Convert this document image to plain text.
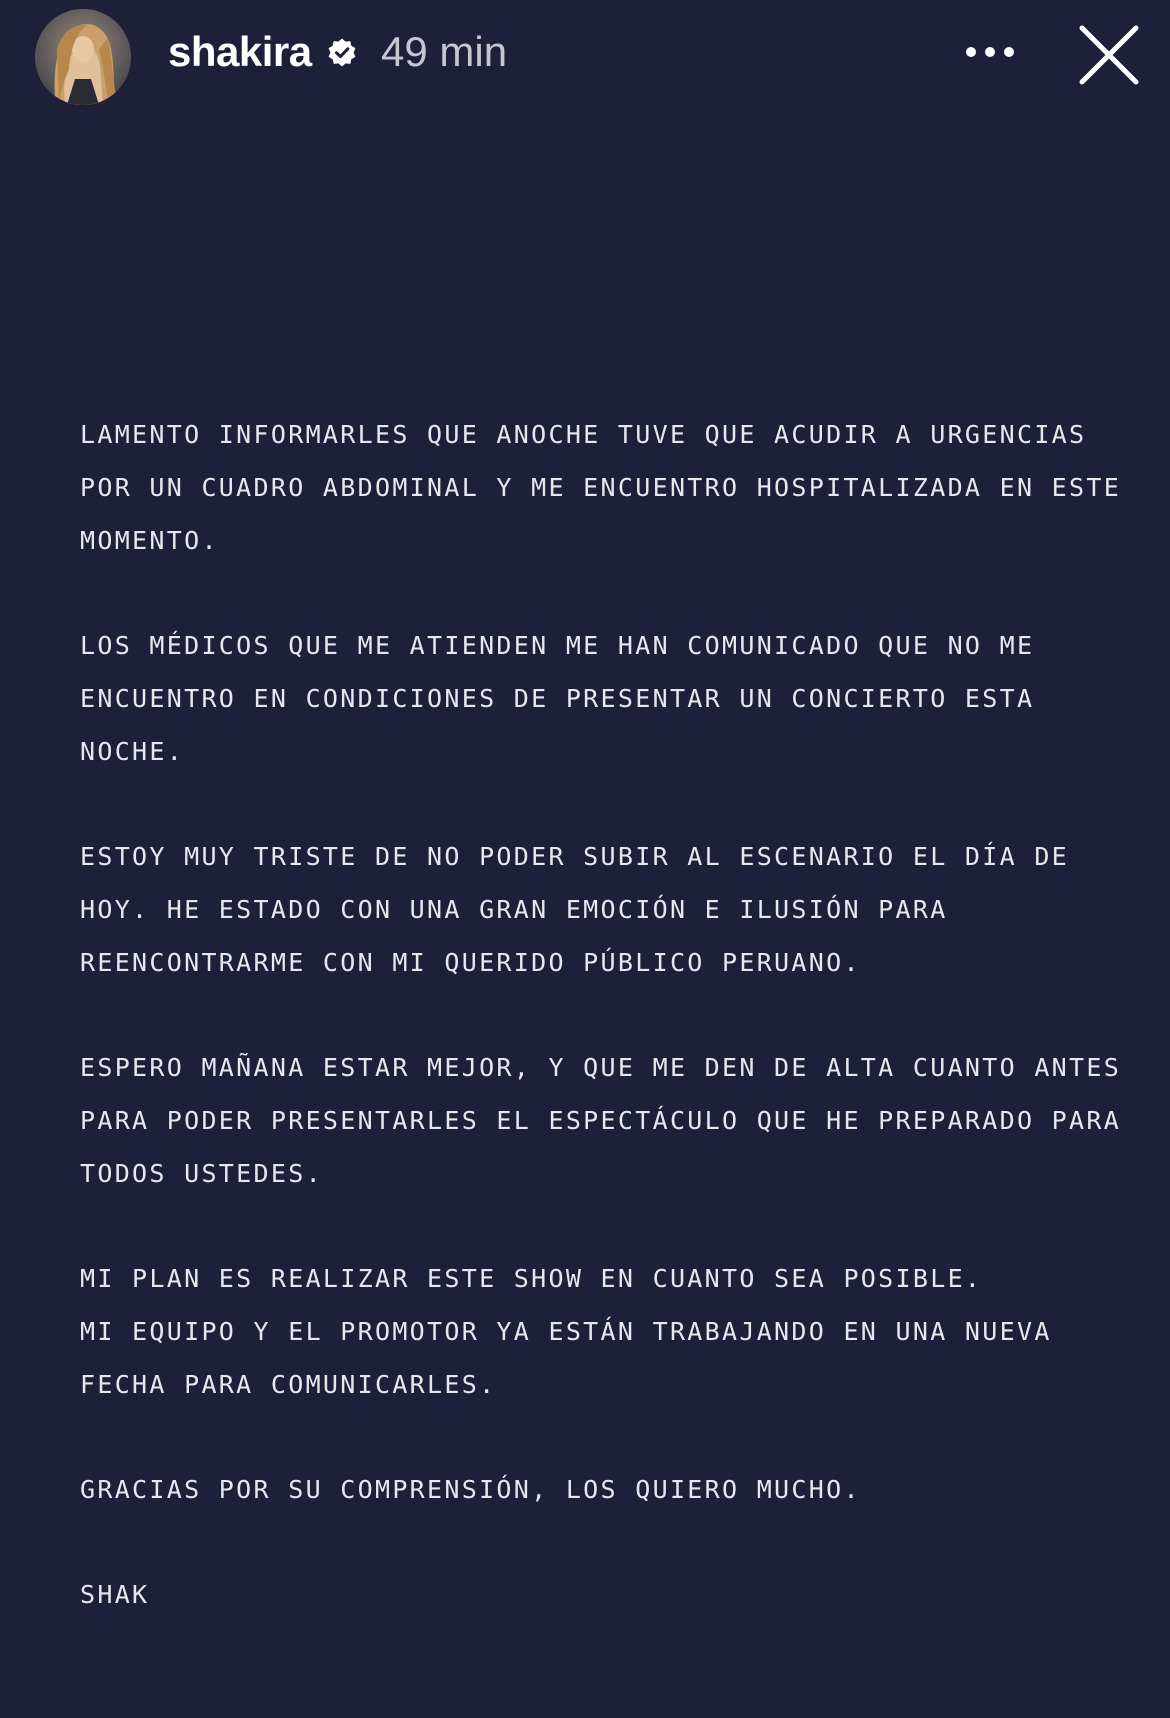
shakira 49 min

LAMENTO INFORMARLES QUE ANOCHE TUVE QUE ACUDIR A URGENCIAS
POR UN CUADRO ABDOMINAL Y ME ENCUENTRO HOSPITALIZADA EN ESTE
MOMENTO.

LOS MÉDICOS QUE ME ATIENDEN ME HAN COMUNICADO QUE NO ME
ENCUENTRO EN CONDICIONES DE PRESENTAR UN CONCIERTO ESTA
NOCHE.

ESTOY MUY TRISTE DE NO PODER SUBIR AL ESCENARIO EL DÍA DE
HOY. HE ESTADO CON UNA GRAN EMOCIÓN E ILUSIÓN PARA
REENCONTRARME CON MI QUERIDO PÚBLICO PERUANO.

ESPERO MAÑANA ESTAR MEJOR, Y QUE ME DEN DE ALTA CUANTO ANTES
PARA PODER PRESENTARLES EL ESPECTÁCULO QUE HE PREPARADO PARA
TODOS USTEDES.

MI PLAN ES REALIZAR ESTE SHOW EN CUANTO SEA POSIBLE.
MI EQUIPO Y EL PROMOTOR YA ESTÁN TRABAJANDO EN UNA NUEVA
FECHA PARA COMUNICARLES.

GRACIAS POR SU COMPRENSIÓN, LOS QUIERO MUCHO.

SHAK
